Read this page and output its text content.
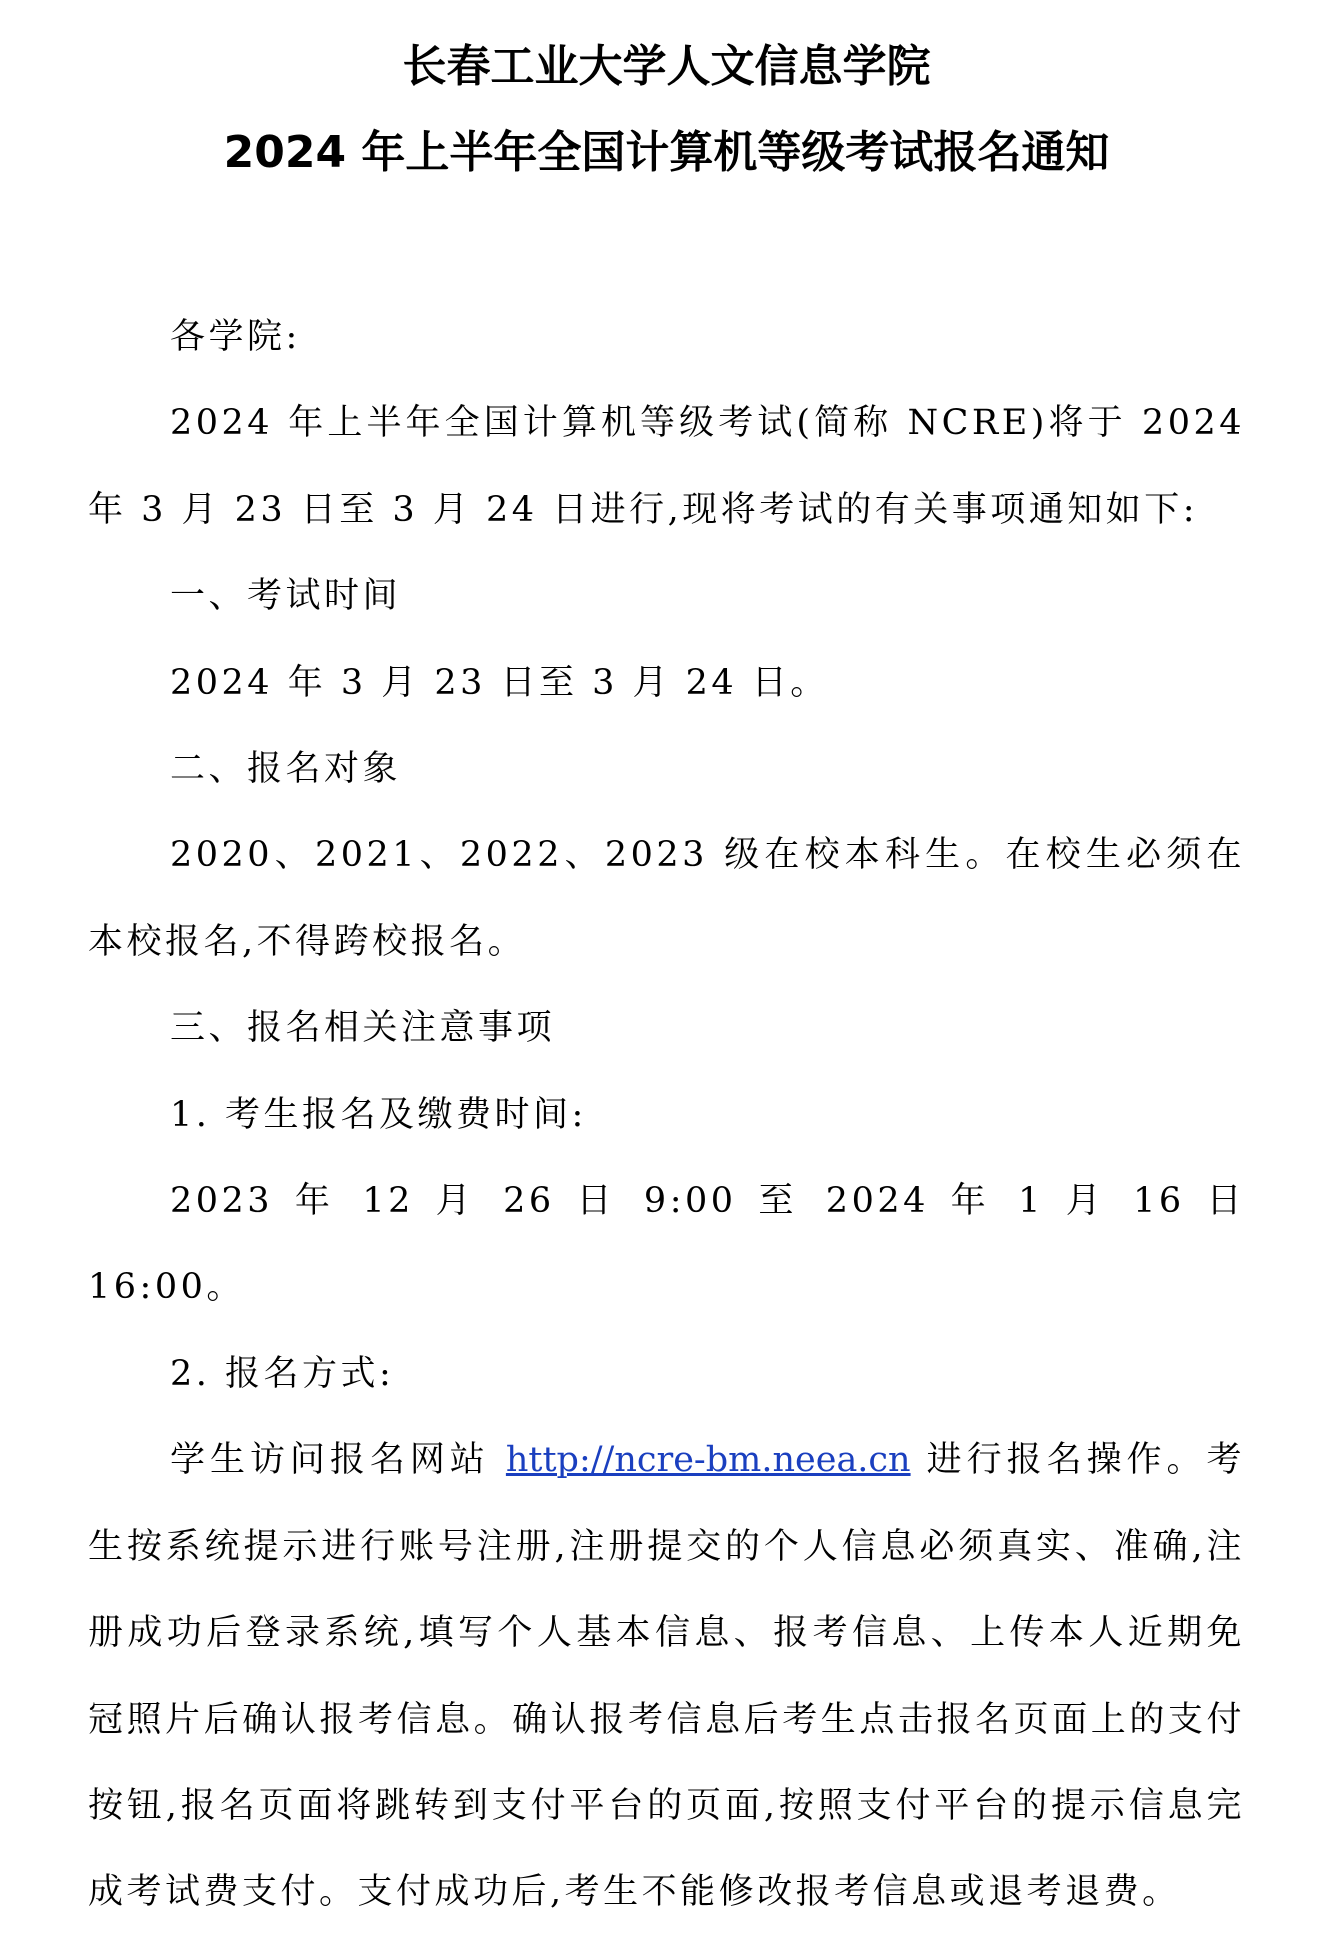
长春工业大学人文信息学院
2024 年上半年全国计算机等级考试报名通知

各学院:

2024 年上半年全国计算机等级考试(简称 NCRE)将于 2024 年 3 月 23 日至 3 月 24 日进行,现将考试的有关事项通知如下:

一、考试时间

2024 年 3 月 23 日至 3 月 24 日。

二、报名对象

2020、2021、2022、2023 级在校本科生。在校生必须在本校报名,不得跨校报名。

三、报名相关注意事项

1. 考生报名及缴费时间:

2023 年 12 月 26 日 9:00 至 2024 年 1 月 16 日 16:00。

2. 报名方式:

学生访问报名网站 http://ncre-bm.neea.cn 进行报名操作。考生按系统提示进行账号注册,注册提交的个人信息必须真实、准确,注册成功后登录系统,填写个人基本信息、报考信息、上传本人近期免冠照片后确认报考信息。确认报考信息后考生点击报名页面上的支付按钮,报名页面将跳转到支付平台的页面,按照支付平台的提示信息完成考试费支付。支付成功后,考生不能修改报考信息或退考退费。
